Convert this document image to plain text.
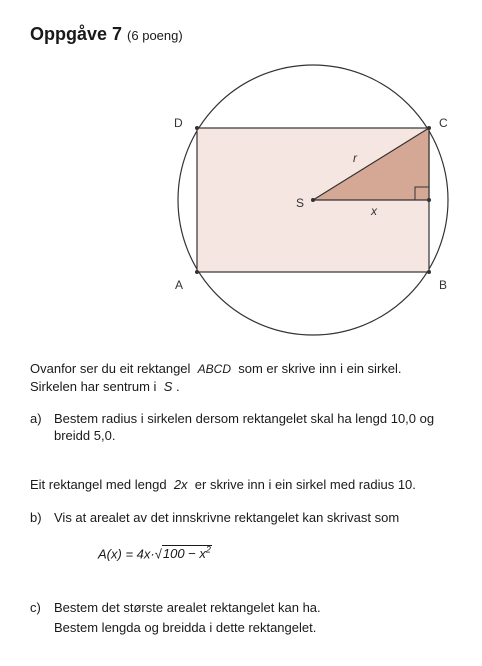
Oppgåve 7 (6 poeng)
D	C
A	B
S
r
x
Ovanfor ser du eit rektangel ABCD som er skrive inn i ein sirkel.
Sirkelen har sentrum i S .
a) Bestem radius i sirkelen dersom rektangelet skal ha lengd 10,0 og
breidd 5,0.
Eit rektangel med lengd 2x er skrive inn i ein sirkel med radius 10.
b) Vis at arealet av det innskrivne rektangelet kan skrivast som
$A(x) = 4x\cdot√100 - x^2$
c) Bestem det største arealet rektangelet kan ha.
Bestem lengda og breidda i dette rektangelet.
